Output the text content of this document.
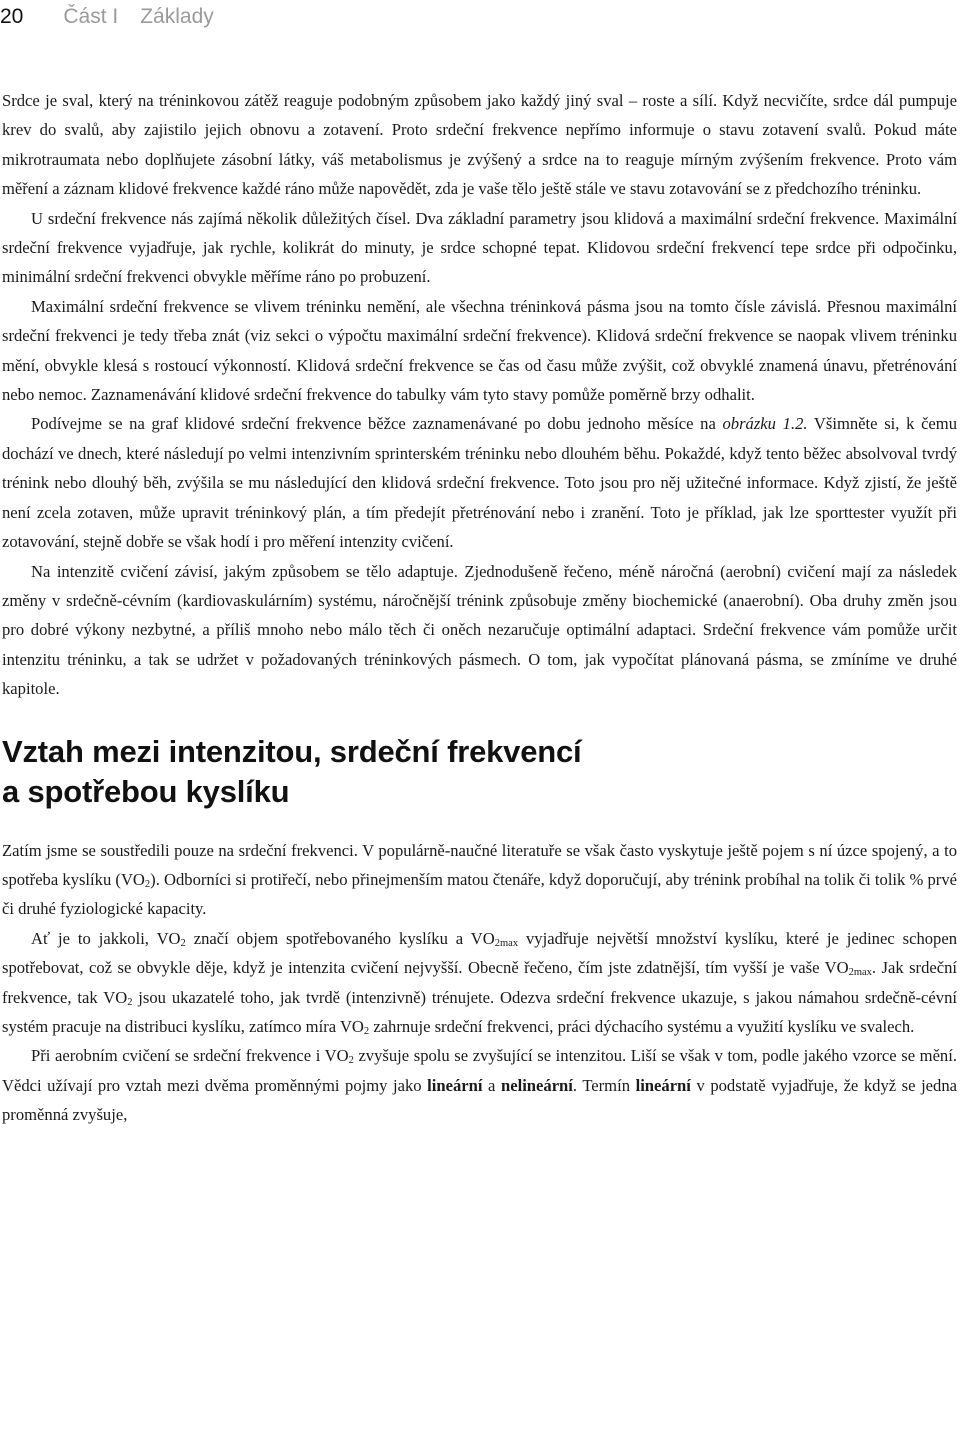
20 Část I Základy

Srdce je sval, který na tréninkovou zátěž reaguje podobným způsobem jako každý jiný sval – roste a sílí. Když necvičíte, srdce dál pumpuje krev do svalů, aby zajistilo jejich obnovu a zotavení. Proto srdeční frekvence nepřímo informuje o stavu zotavení svalů. Pokud máte mikrotraumata nebo doplňujete zásobní látky, váš metabolismus je zvýšený a srdce na to reaguje mírným zvýšením frekvence. Proto vám měření a záznam klidové frekvence každé ráno může napovědět, zda je vaše tělo ještě stále ve stavu zotavování se z předchozího tréninku.

U srdeční frekvence nás zajímá několik důležitých čísel. Dva základní parametry jsou klidová a maximální srdeční frekvence. Maximální srdeční frekvence vyjadřuje, jak rychle, kolikrát do minuty, je srdce schopné tepat. Klidovou srdeční frekvencí tepe srdce při odpočinku, minimální srdeční frekvenci obvykle měříme ráno po probuzení.

Maximální srdeční frekvence se vlivem tréninku nemění, ale všechna tréninková pásma jsou na tomto čísle závislá. Přesnou maximální srdeční frekvenci je tedy třeba znát (viz sekci o výpočtu maximální srdeční frekvence). Klidová srdeční frekvence se naopak vlivem tréninku mění, obvykle klesá s rostoucí výkonností. Klidová srdeční frekvence se čas od času může zvýšit, což obvyklé znamená únavu, přetrénování nebo nemoc. Zaznamenávání klidové srdeční frekvence do tabulky vám tyto stavy pomůže poměrně brzy odhalit.

Podívejme se na graf klidové srdeční frekvence běžce zaznamenávané po dobu jednoho měsíce na obrázku 1.2. Všimněte si, k čemu dochází ve dnech, které následují po velmi intenzivním sprinterském tréninku nebo dlouhém běhu. Pokaždé, když tento běžec absolvoval tvrdý trénink nebo dlouhý běh, zvýšila se mu následující den klidová srdeční frekvence. Toto jsou pro něj užitečné informace. Když zjistí, že ještě není zcela zotaven, může upravit tréninkový plán, a tím předejít přetrénování nebo i zranění. Toto je příklad, jak lze sporttester využít při zotavování, stejně dobře se však hodí i pro měření intenzity cvičení.

Na intenzitě cvičení závisí, jakým způsobem se tělo adaptuje. Zjednodušeně řečeno, méně náročná (aerobní) cvičení mají za následek změny v srdečně-cévním (kardiovaskulárním) systému, náročnější trénink způsobuje změny biochemické (anaerobní). Oba druhy změn jsou pro dobré výkony nezbytné, a příliš mnoho nebo málo těch či oněch nezaručuje optimální adaptaci. Srdeční frekvence vám pomůže určit intenzitu tréninku, a tak se udržet v požadovaných tréninkových pásmech. O tom, jak vypočítat plánovaná pásma, se zmíníme ve druhé kapitole.

Vztah mezi intenzitou, srdeční frekvencí
a spotřebou kyslíku

Zatím jsme se soustředili pouze na srdeční frekvenci. V populárně-naučné literatuře se však často vyskytuje ještě pojem s ní úzce spojený, a to spotřeba kyslíku $(VO_2)$. Odborníci si protiřečí, nebo přinejmenším matou čtenáře, když doporučují, aby trénink probíhal na tolik či tolik % prvé či druhé fyziologické kapacity.

Ať je to jakkoli, $VO_2$ značí objem spotřebovaného kyslíku a $VO_{2max}$ vyjadřuje největší množství kyslíku, které je jedinec schopen spotřebovat, což se obvykle děje, když je intenzita cvičení nejvyšší. Obecně řečeno, čím jste zdatnější, tím vyšší je vaše $VO_{2max}$. Jak srdeční frekvence, tak $VO_2$ jsou ukazatelé toho, jak tvrdě (intenzivně) trénujete. Odezva srdeční frekvence ukazuje, s jakou námahou srdečně-cévní systém pracuje na distribuci kyslíku, zatímco míra $VO_2$ zahrnuje srdeční frekvenci, práci dýchacího systému a využití kyslíku ve svalech.

Při aerobním cvičení se srdeční frekvence i $VO_2$ zvyšuje spolu se zvyšující se intenzitou. Liší se však v tom, podle jakého vzorce se mění. Vědci užívají pro vztah mezi dvěma proměnnými pojmy jako lineární a nelineární. Termín lineární v podstatě vyjadřuje, že když se jedna proměnná zvyšuje,
